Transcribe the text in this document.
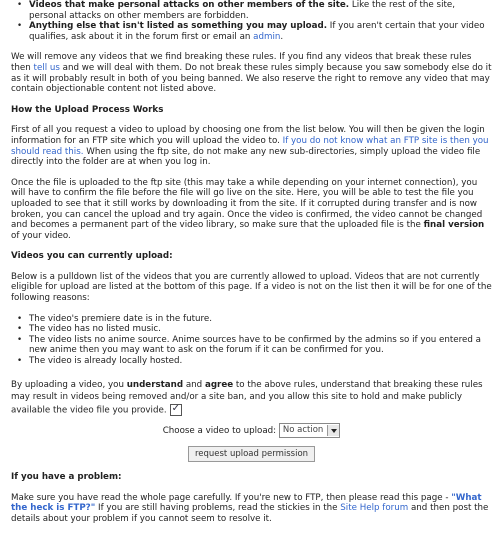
• Videos that make personal attacks on other members of the site. Like the rest of the site, personal attacks on other members are forbidden.
• Anything else that isn't listed as something you may upload. If you aren't certain that your video qualifies, ask about it in the forum first or email an admin.

We will remove any videos that we find breaking these rules. If you find any videos that break these rules then tell us and we will deal with them. Do not break these rules simply because you saw somebody else do it as it will probably result in both of you being banned. We also reserve the right to remove any video that may contain objectionable content not listed above.

How the Upload Process Works

First of all you request a video to upload by choosing one from the list below. You will then be given the login information for an FTP site which you will upload the video to. If you do not know what an FTP site is then you should read this. When using the ftp site, do not make any new sub-directories, simply upload the video file directly into the folder are at when you log in.

Once the file is uploaded to the ftp site (this may take a while depending on your internet connection), you will have to confirm the file before the file will go live on the site. Here, you will be able to test the file you uploaded to see that it still works by downloading it from the site. If it corrupted during transfer and is now broken, you can cancel the upload and try again. Once the video is confirmed, the video cannot be changed and becomes a permanent part of the video library, so make sure that the uploaded file is the final version of your video.

Videos you can currently upload:

Below is a pulldown list of the videos that you are currently allowed to upload. Videos that are not currently eligible for upload are listed at the bottom of this page. If a video is not on the list then it will be for one of the following reasons:

• The video's premiere date is in the future.
• The video has no listed music.
• The video lists no anime source. Anime sources have to be confirmed by the admins so if you entered a new anime then you may want to ask on the forum if it can be confirmed for you.
• The video is already locally hosted.

By uploading a video, you understand and agree to the above rules, understand that breaking these rules may result in videos being removed and/or a site ban, and you allow this site to hold and make publicly available the video file you provide.✓

Choose a video to upload: No action
request upload permission
If you have a problem:

Make sure you have read the whole page carefully. If you're new to FTP, then please read this page - "What the heck is FTP?" If you are still having problems, read the stickies in the Site Help forum and then post the details about your problem if you cannot seem to resolve it.
